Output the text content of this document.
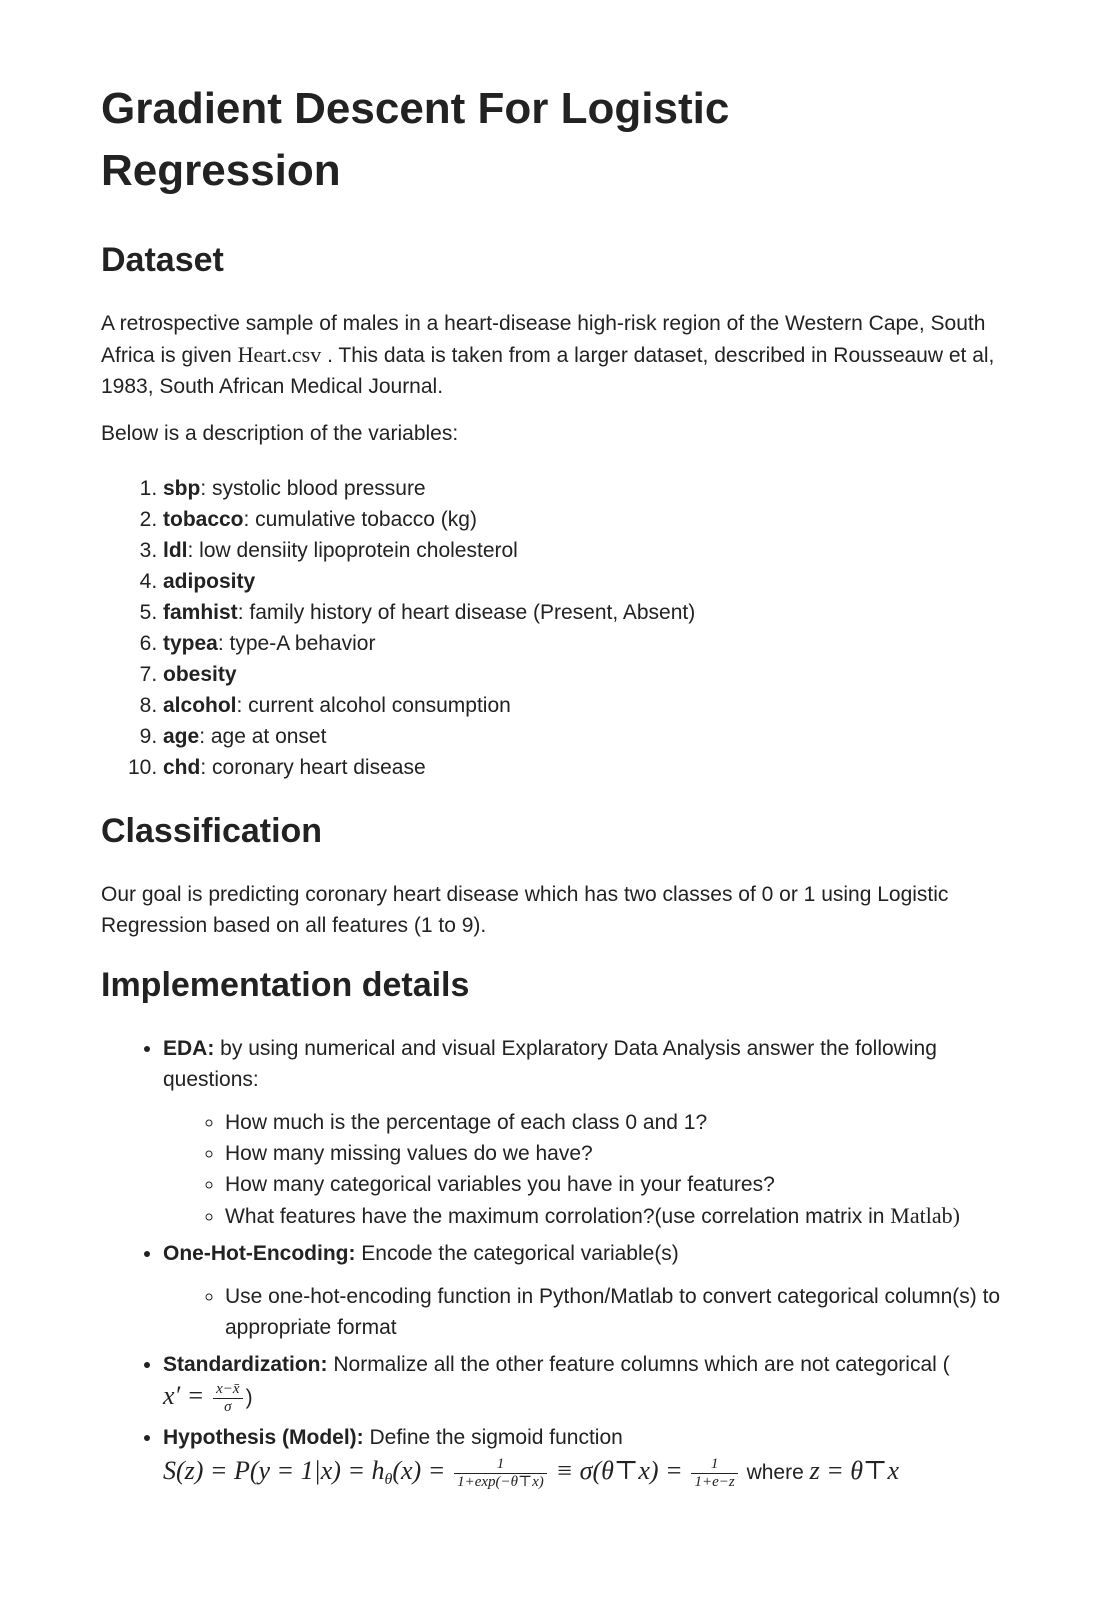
Gradient Descent For Logistic Regression
Dataset

A retrospective sample of males in a heart-disease high-risk region of the Western Cape, South Africa is given Heart.csv . This data is taken from a larger dataset, described in Rousseauw et al, 1983, South African Medical Journal.

Below is a description of the variables:

1. sbp: systolic blood pressure
2. tobacco: cumulative tobacco (kg)
3. ldl: low densiity lipoprotein cholesterol
4. adiposity
5. famhist: family history of heart disease (Present, Absent)
6. typea: type-A behavior
7. obesity
8. alcohol: current alcohol consumption
9. age: age at onset
10. chd: coronary heart disease
Classification

Our goal is predicting coronary heart disease which has two classes of 0 or 1 using Logistic Regression based on all features (1 to 9).

Implementation details
• EDA: by using numerical and visual Explaratory Data Analysis answer the following questions:
◦ How much is the percentage of each class 0 and 1?
◦ How many missing values do we have?
◦ How many categorical variables you have in your features?
◦ What features have the maximum corrolation?(use correlation matrix in Matlab)
• One-Hot-Encoding: Encode the categorical variable(s)
◦ Use one-hot-encoding function in Python/Matlab to convert categorical column(s) to appropriate format
• Standardization: Normalize all the other feature columns which are not categorical (
$x' = \frac{x-x̄}{\sigma}$ )
• Hypothesis (Model): Define the sigmoid function
$S(z) = P(y = 1|x) = h_\theta(x) = \frac{1}{1+\exp(-\theta⊤x)}$ ≡ σ(θ⊤x) = $\frac{1}{1+e-z}$ where z = θ⊤x
